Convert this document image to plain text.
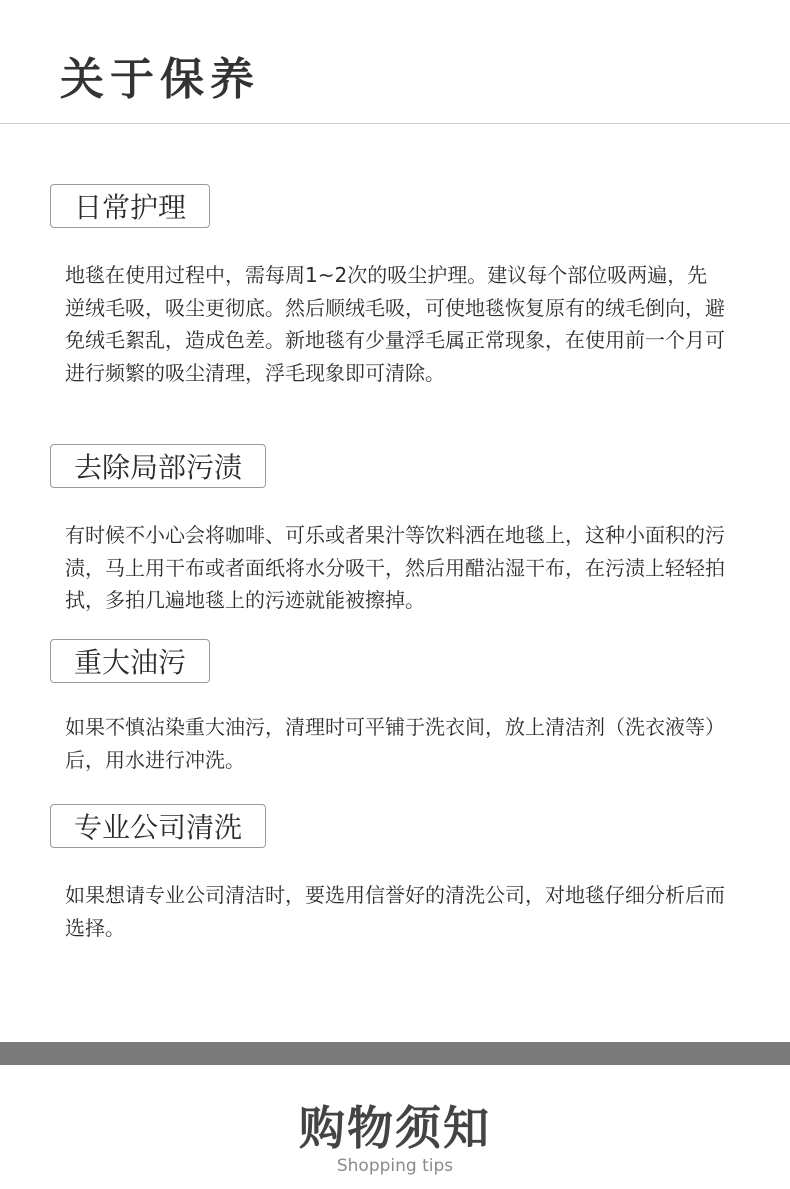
关于保养
日常护理

地毯在使用过程中，需每周1~2次的吸尘护理。建议每个部位吸两遍，先逆绒毛吸，吸尘更彻底。然后顺绒毛吸，可使地毯恢复原有的绒毛倒向，避免绒毛絮乱，造成色差。新地毯有少量浮毛属正常现象，在使用前一个月可进行频繁的吸尘清理，浮毛现象即可清除。

去除局部污渍

有时候不小心会将咖啡、可乐或者果汁等饮料洒在地毯上，这种小面积的污渍，马上用干布或者面纸将水分吸干，然后用醋沾湿干布，在污渍上轻轻拍拭，多拍几遍地毯上的污迹就能被擦掉。

重大油污

如果不慎沾染重大油污，清理时可平铺于洗衣间，放上清洁剂（洗衣液等）后，用水进行冲洗。

专业公司清洗

如果想请专业公司清洁时，要选用信誉好的清洗公司，对地毯仔细分析后而选择。

购物须知
Shopping tips
